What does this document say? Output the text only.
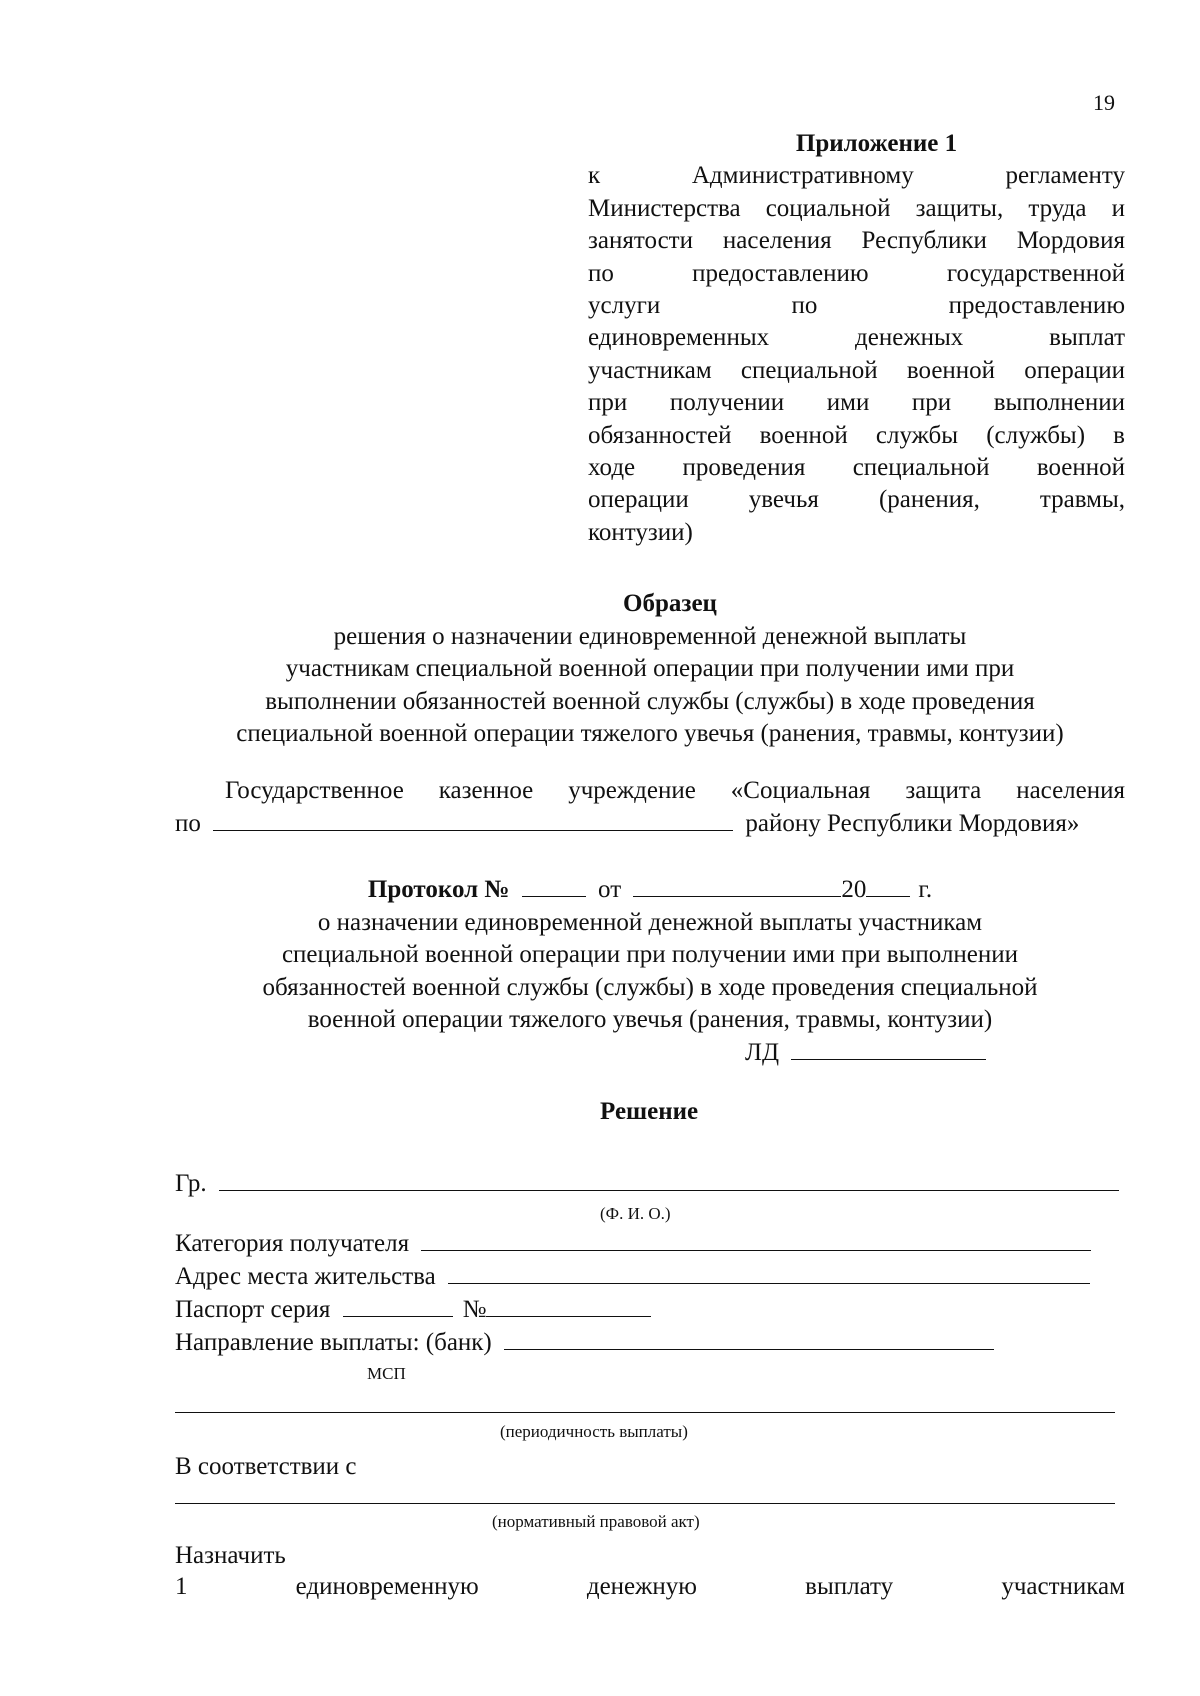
19
Приложение 1
к Административному регламенту
Министерства социальной защиты, труда и
занятости населения Республики Мордовия
по предоставлению государственной
услуги по предоставлению
единовременных денежных выплат
участникам специальной военной операции
при получении ими при выполнении
обязанностей военной службы (службы) в
ходе проведения специальной военной
операции увечья (ранения, травмы,
контузии)
Образец
решения о назначении единовременной денежной выплаты
участникам специальной военной операции при получении ими при
выполнении обязанностей военной службы (службы) в ходе проведения
специальной военной операции тяжелого увечья (ранения, травмы, контузии)
Государственное казенное учреждение «Социальная защита населения
по	району Республики Мордовия»
Протокол №	от	20 г.
о назначении единовременной денежной выплаты участникам
специальной военной операции при получении ими при выполнении
обязанностей военной службы (службы) в ходе проведения специальной
военной операции тяжелого увечья (ранения, травмы, контузии)
ЛД
Решение
Гр.
(Ф. И. О.)
Категория получателя
Адрес места жительства
Паспорт серия	№
Направление выплаты: (банк)
МСП
(периодичность выплаты)
В соответствии с
(нормативный правовой акт)
Назначить
1	единовременную	денежную	выплату	участникам
